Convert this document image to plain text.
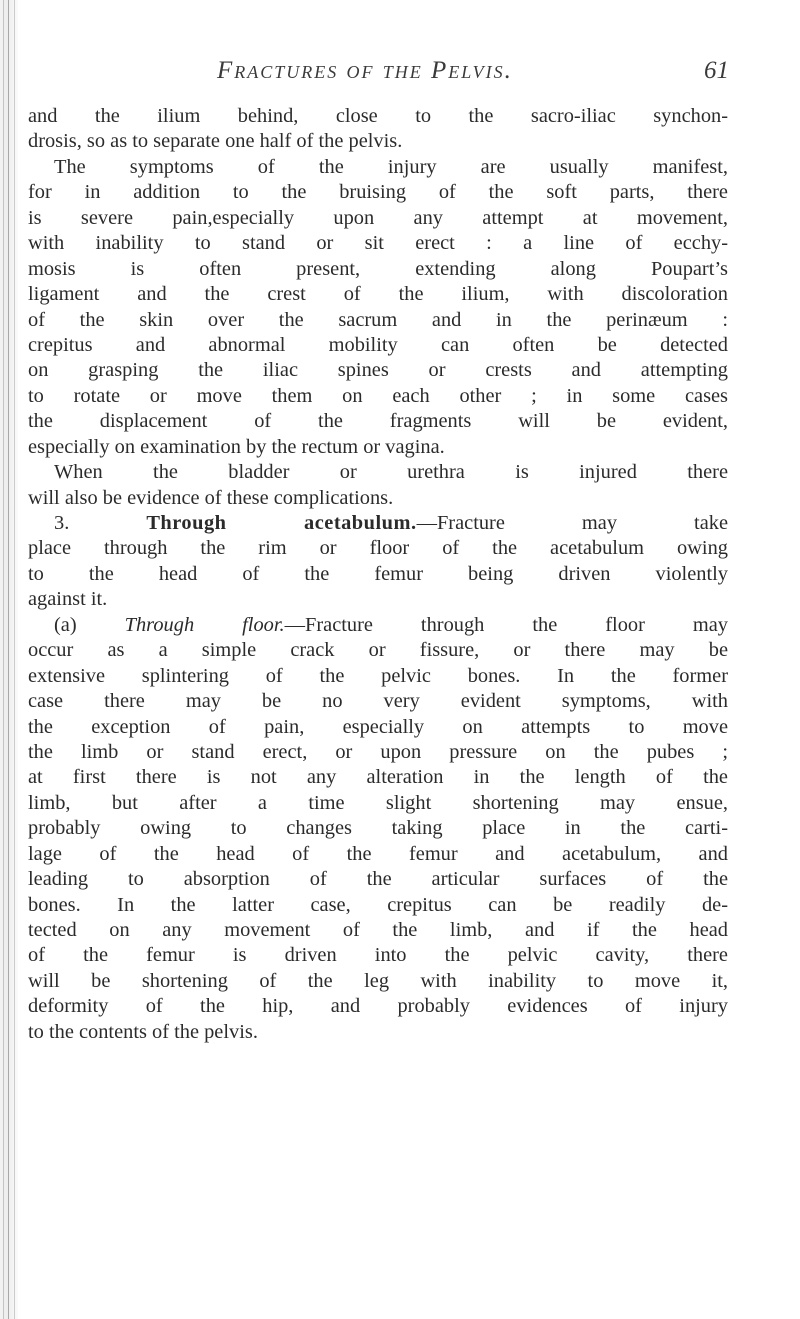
Fractures of the Pelvis.	61
and the ilium behind, close to the sacro-iliac synchon-
drosis, so as to separate one half of the pelvis.
The symptoms of the injury are usually manifest,
for in addition to the bruising of the soft parts, there
is severe pain,especially upon any attempt at movement,
with inability to stand or sit erect : a line of ecchy-
mosis is often present, extending along Poupart’s
ligament and the crest of the ilium, with discoloration
of the skin over the sacrum and in the perinæum :
crepitus and abnormal mobility can often be detected
on grasping the iliac spines or crests and attempting
to rotate or move them on each other ; in some cases
the displacement of the fragments will be evident,
especially on examination by the rectum or vagina.
When the bladder or urethra is injured there
will also be evidence of these complications.
3.	Through acetabulum.—Fracture may take
place through the rim or floor of the acetabulum owing
to the head of the femur being driven violently
against it.
(a) Through floor.—Fracture through the floor may
occur as a simple crack or fissure, or there may be
extensive splintering of the pelvic bones. In the former
case there may be no very evident symptoms, with
the exception of pain, especially on attempts to move
the limb or stand erect, or upon pressure on the pubes ;
at first there is not any alteration in the length of the
limb, but after a time slight shortening may ensue,
probably owing to changes taking place in the carti-
lage of the head of the femur and acetabulum, and
leading to absorption of the articular surfaces of the
bones. In the latter case, crepitus can be readily de-
tected on any movement of the limb, and if the head
of the femur is driven into the pelvic cavity, there
will be shortening of the leg with inability to move it,
deformity of the hip, and probably evidences of injury
to the contents of the pelvis.
